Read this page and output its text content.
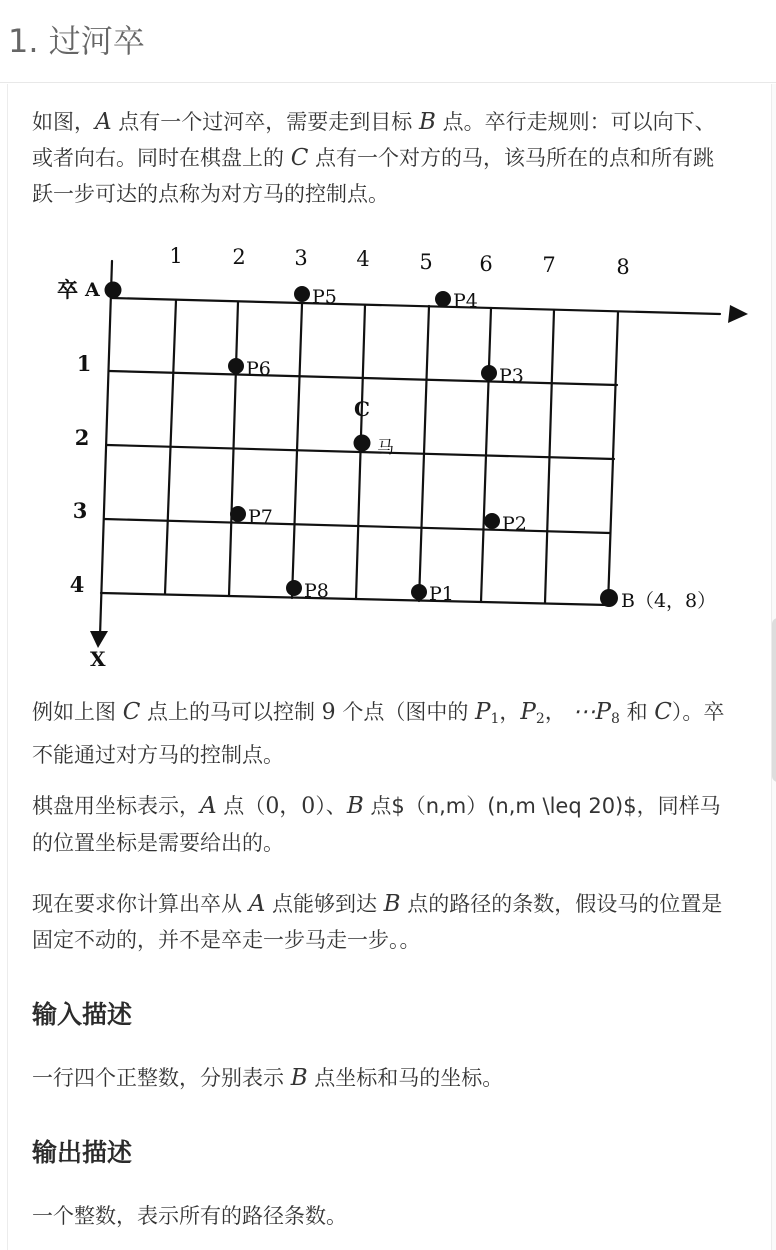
1. 过河卒

如图，A 点有一个过河卒，需要走到目标 B 点。卒行走规则：可以向下、或者向右。同时在棋盘上的 C 点有一个对方的马，该马所在的点和所有跳跃一步可达的点称为对方马的控制点。

1 2 3 4 5 6 7	8
1
2
3
4
卒 A
X
C
马
P5	P4
P6	P3
P7	P2
P8	P1	B（4，8）

例如上图 C 点上的马可以控制 9 个点（图中的 $P_1$，$P_2$， $\cdots P_8$ 和 C）。卒不能通过对方马的控制点。

棋盘用坐标表示，A 点（0，0）、B 点$（n,m）(n,m \leq 20)$，同样马的位置坐标是需要给出的。

现在要求你计算出卒从 A 点能够到达 B 点的路径的条数，假设马的位置是固定不动的，并不是卒走一步马走一步。。

输入描述

一行四个正整数，分别表示 B 点坐标和马的坐标。

输出描述

一个整数，表示所有的路径条数。
